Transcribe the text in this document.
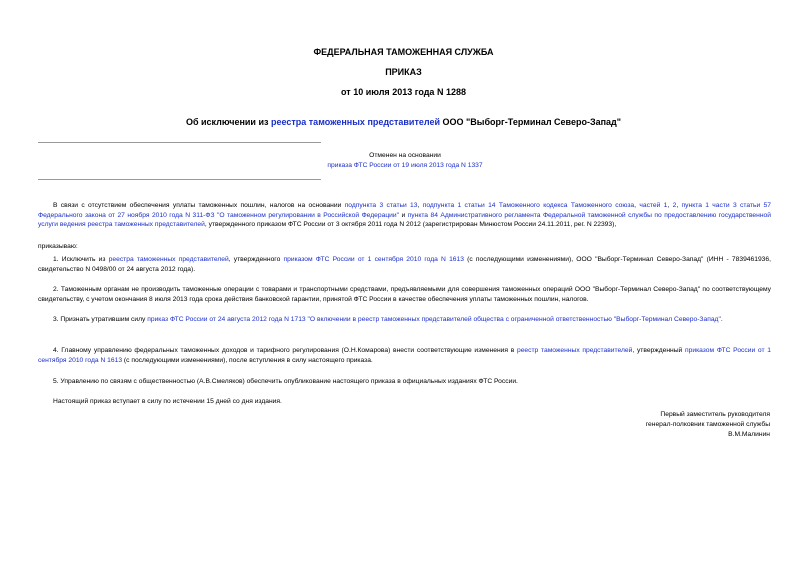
ФЕДЕРАЛЬНАЯ ТАМОЖЕННАЯ СЛУЖБА
ПРИКАЗ
от 10 июля 2013 года N 1288
Об исключении из реестра таможенных представителей ООО "Выборг-Терминал Северо-Запад"
Отменен на основании
приказа ФТС России от 19 июля 2013 года N 1337

В связи с отсутствием обеспечения уплаты таможенных пошлин, налогов на основании подпункта 3 статьи 13, подпункта 1 статьи 14 Таможенного кодекса Таможенного союза, частей 1, 2, пункта 1 части 3 статьи 57 Федерального закона от 27 ноября 2010 года N 311-ФЗ "О таможенном регулировании в Российской Федерации" и пункта 84 Административного регламента Федеральной таможенной службы по предоставлению государственной услуги ведения реестра таможенных представителей, утвержденного приказом ФТС России от 3 октября 2011 года N 2012 (зарегистрирован Минюстом России 24.11.2011, рег. N 22393),

приказываю:

1. Исключить из реестра таможенных представителей, утвержденного приказом ФТС России от 1 сентября 2010 года N 1613 (с последующими изменениями), ООО "Выборг-Терминал Северо-Запад" (ИНН - 7839461936, свидетельство N 0498/00 от 24 августа 2012 года).

2. Таможенным органам не производить таможенные операции с товарами и транспортными средствами, предъявляемыми для совершения таможенных операций ООО "Выборг-Терминал Северо-Запад" по соответствующему свидетельству, с учетом окончания 8 июля 2013 года срока действия банковской гарантии, принятой ФТС России в качестве обеспечения уплаты таможенных пошлин, налогов.

3. Признать утратившим силу приказ ФТС России от 24 августа 2012 года N 1713 "О включении в реестр таможенных представителей общества с ограниченной ответственностью "Выборг-Терминал Северо-Запад".

4. Главному управлению федеральных таможенных доходов и тарифного регулирования (О.Н.Комарова) внести соответствующие изменения в реестр таможенных представителей, утвержденный приказом ФТС России от 1 сентября 2010 года N 1613 (с последующими изменениями), после вступления в силу настоящего приказа.

5. Управлению по связям с общественностью (А.В.Смеляков) обеспечить опубликование настоящего приказа в официальных изданиях ФТС России.

Настоящий приказ вступает в силу по истечении 15 дней со дня издания.

Первый заместитель руководителя
генерал-полковник таможенной службы
В.М.Малинин
